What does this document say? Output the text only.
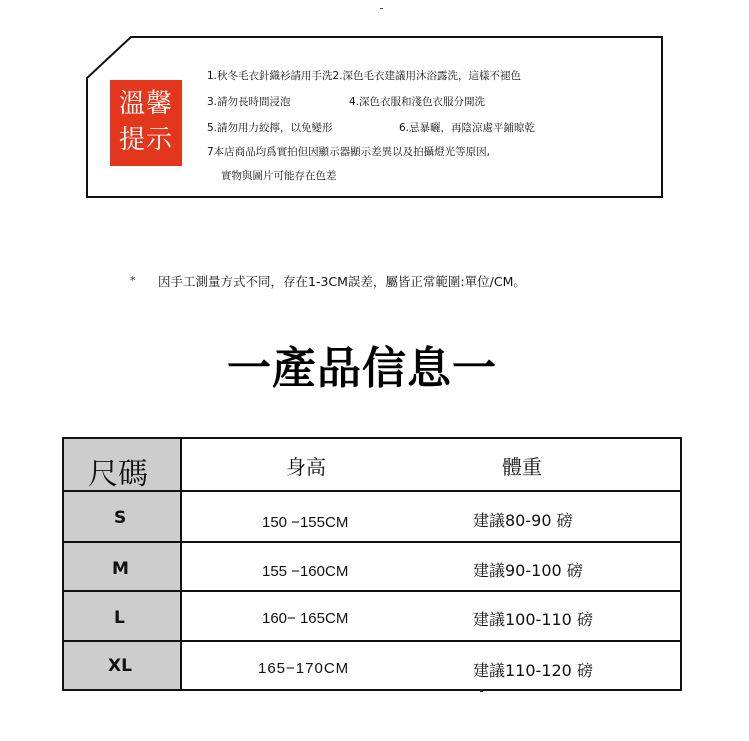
溫馨
提示
1.秋冬毛衣針織衫請用手洗2.深色毛衣建議用沐浴露洗，這樣不褪色
3.請勿長時間浸泡	4.深色衣服和淺色衣服分開洗
5.請勿用力絞擰，以免變形	6.忌暴曬，再陰涼處平鋪晾乾
7本店商品均爲實拍但因顯示器顯示差異以及拍攝燈光等原因,
實物與圖片可能存在色差
* 因手工測量方式不同，存在1-3CM誤差，屬皆正常範圍:單位/CM。
一產品信息一
尺碼	身高	體重
S	150 −155CM	建議80-90 磅
M	155 −160CM	建議90-100 磅
L	160− 165CM	建議100-110 磅
XL	165−170CM	建議110-120 磅
